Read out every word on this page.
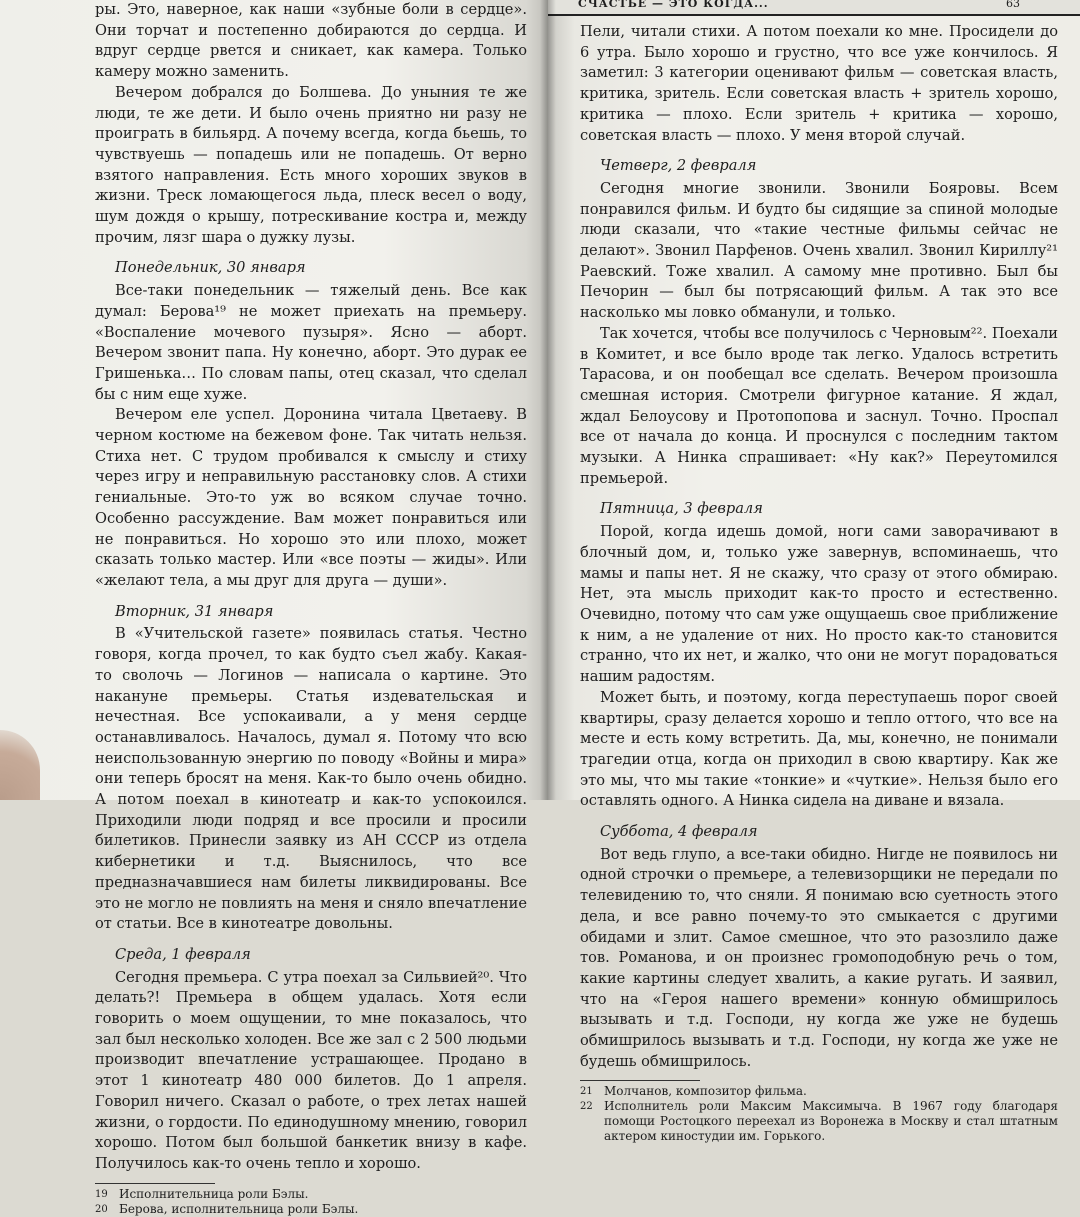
ры. Это, наверное, как наши «зубные боли в сердце». Они торчат и постепенно добираются до сердца. И вдруг сердце рвется и сникает, как камера. Только камеру можно заменить.

Вечером добрался до Болшева. До уныния те же люди, те же дети. И было очень приятно ни разу не проиграть в бильярд. А почему всегда, когда бьешь, то чувствуешь — попадешь или не попадешь. От верно взятого направления. Есть много хороших звуков в жизни. Треск ломающегося льда, плеск весел о воду, шум дождя о крышу, потрескивание костра и, между прочим, лязг шара о дужку лузы.

Понедельник, 30 января

Все-таки понедельник — тяжелый день. Все как думал: Берова¹⁹ не может приехать на премьеру. «Воспаление мочевого пузыря». Ясно — аборт. Вечером звонит папа. Ну конечно, аборт. Это дурак ее Гришенька… По словам папы, отец сказал, что сделал бы с ним еще хуже.

Вечером еле успел. Доронина читала Цветаеву. В черном костюме на бежевом фоне. Так читать нельзя. Стиха нет. С трудом пробивался к смыслу и стиху через игру и неправильную расстановку слов. А стихи гениальные. Это-то уж во всяком случае точно. Особенно рассуждение. Вам может понравиться или не понравиться. Но хорошо это или плохо, может сказать только мастер. Или «все поэты — жиды». Или «желают тела, а мы друг для друга — души».

Вторник, 31 января

В «Учительской газете» появилась статья. Честно говоря, когда прочел, то как будто съел жабу. Какая-то сволочь — Логинов — написала о картине. Это накануне премьеры. Статья издевательская и нечестная. Все успокаивали, а у меня сердце останавливалось. Началось, думал я. Потому что всю неиспользованную энергию по поводу «Войны и мира» они теперь бросят на меня. Как-то было очень обидно. А потом поехал в кинотеатр и как-то успокоился. Приходили люди подряд и все просили и просили билетиков. Принесли заявку из АН СССР из отдела кибернетики и т.д. Выяснилось, что все предназначавшиеся нам билеты ликвидированы. Все это не могло не повлиять на меня и сняло впечатление от статьи. Все в кинотеатре довольны.

Среда, 1 февраля

Сегодня премьера. С утра поехал за Сильвией²⁰. Что делать?! Премьера в общем удалась. Хотя если говорить о моем ощущении, то мне показалось, что зал был несколько холоден. Все же зал с 2 500 людьми производит впечатление устрашающее. Продано в этот 1 кинотеатр 480 000 билетов. До 1 апреля. Говорил ничего. Сказал о работе, о трех летах нашей жизни, о гордости. По единодушному мнению, говорил хорошо. Потом был большой банкетик внизу в кафе. Получилось как-то очень тепло и хорошо.

19 Исполнительница роли Бэлы.

20 Берова, исполнительница роли Бэлы.

СЧАСТЬЕ — ЭТО КОГДА...	63

Пели, читали стихи. А потом поехали ко мне. Просидели до 6 утра. Было хорошо и грустно, что все уже кончилось. Я заметил: 3 категории оценивают фильм — советская власть, критика, зритель. Если советская власть + зритель хорошо, критика — плохо. Если зритель + критика — хорошо, советская власть — плохо. У меня второй случай.

Четверг, 2 февраля

Сегодня многие звонили. Звонили Бояровы. Всем понравился фильм. И будто бы сидящие за спиной молодые люди сказали, что «такие честные фильмы сейчас не делают». Звонил Парфенов. Очень хвалил. Звонил Кириллу²¹ Раевский. Тоже хвалил. А самому мне противно. Был бы Печорин — был бы потрясающий фильм. А так это все насколько мы ловко обманули, и только.

Так хочется, чтобы все получилось с Черновым²². Поехали в Комитет, и все было вроде так легко. Удалось встретить Тарасова, и он пообещал все сделать. Вечером произошла смешная история. Смотрели фигурное катание. Я ждал, ждал Белоусову и Протопопова и заснул. Точно. Проспал все от начала до конца. И проснулся с последним тактом музыки. А Нинка спрашивает: «Ну как?» Переутомился премьерой.

Пятница, 3 февраля

Порой, когда идешь домой, ноги сами заворачивают в блочный дом, и, только уже завернув, вспоминаешь, что мамы и папы нет. Я не скажу, что сразу от этого обмираю. Нет, эта мысль приходит как-то просто и естественно. Очевидно, потому что сам уже ощущаешь свое приближение к ним, а не удаление от них. Но просто как-то становится странно, что их нет, и жалко, что они не могут порадоваться нашим радостям.

Может быть, и поэтому, когда переступаешь порог своей квартиры, сразу делается хорошо и тепло оттого, что все на месте и есть кому встретить. Да, мы, конечно, не понимали трагедии отца, когда он приходил в свою квартиру. Как же это мы, что мы такие «тонкие» и «чуткие». Нельзя было его оставлять одного. А Нинка сидела на диване и вязала.

Суббота, 4 февраля

Вот ведь глупо, а все-таки обидно. Нигде не появилось ни одной строчки о премьере, а телевизорщики не передали по телевидению то, что сняли. Я понимаю всю суетность этого дела, и все равно почему-то это смыкается с другими обидами и злит. Самое смешное, что это разозлило даже тов. Романова, и он произнес громоподобную речь о том, какие картины следует хвалить, а какие ругать. И заявил, что на «Героя нашего времени» конную обмишрилось вызывать и т.д. Господи, ну когда же уже не будешь обмишрилось вызывать и т.д. Господи, ну когда же уже не будешь обмишрилось.

21 Молчанов, композитор фильма.

22 Исполнитель роли Максим Максимыча. В 1967 году благодаря помощи Ростоцкого переехал из Воронежа в Москву и стал штатным актером киностудии им. Горького.
